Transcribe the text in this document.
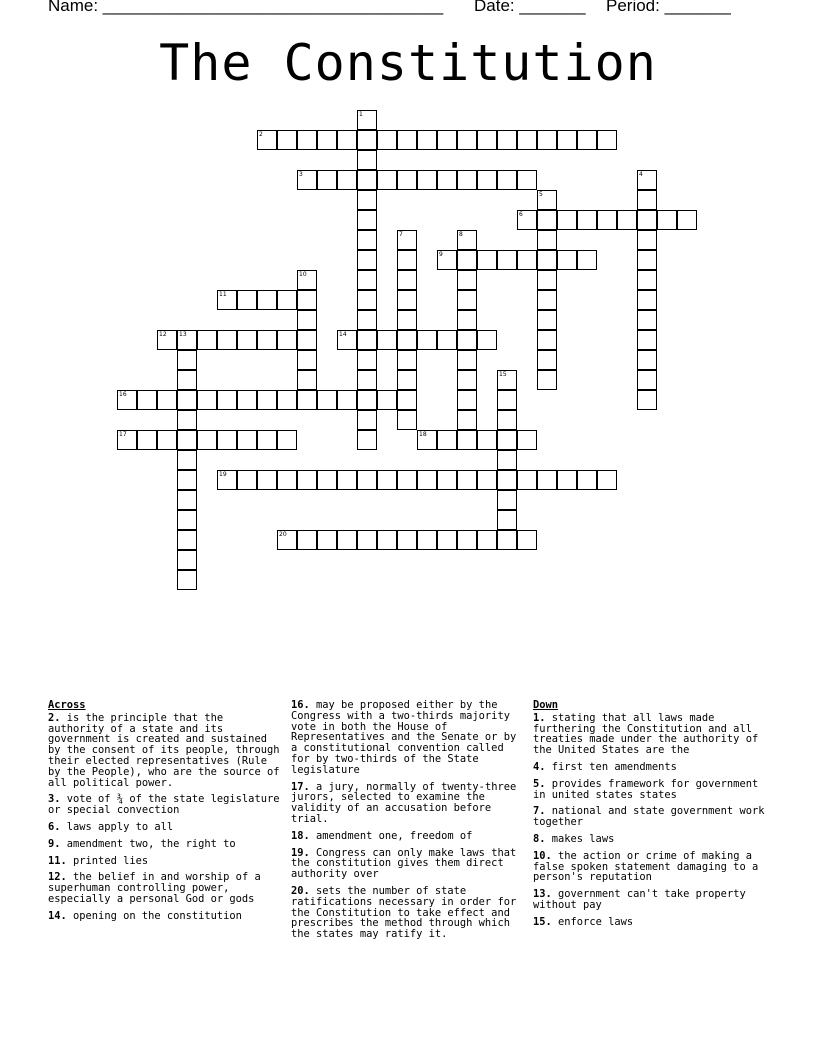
Name: ____________________________________ Date: _______ Period: _______
The Constitution
2
3
6
9
11
12 13	14
16
17	18
19
20
1
4
5
7	8
10
15
Across
2. is the principle that the authority of a state and its government is created and sustained by the consent of its people, through their elected representatives (Rule by the People), who are the source of all political power.
3. vote of ¾ of the state legislature or special convection
6. laws apply to all
9. amendment two, the right to
11. printed lies
12. the belief in and worship of a superhuman controlling power, especially a personal God or gods
14. opening on the constitution
16. may be proposed either by the Congress with a two-thirds majority vote in both the House of Representatives and the Senate or by a constitutional convention called for by two-thirds of the State legislature
17. a jury, normally of twenty-three jurors, selected to examine the validity of an accusation before trial.
18. amendment one, freedom of
19. Congress can only make laws that the constitution gives them direct authority over
20. sets the number of state ratifications necessary in order for the Constitution to take effect and prescribes the method through which the states may ratify it.
Down
1. stating that all laws made furthering the Constitution and all treaties made under the authority of the United States are the
4. first ten amendments
5. provides framework for government in united states states
7. national and state government work together
8. makes laws
10. the action or crime of making a false spoken statement damaging to a person's reputation
13. government can't take property without pay
15. enforce laws
